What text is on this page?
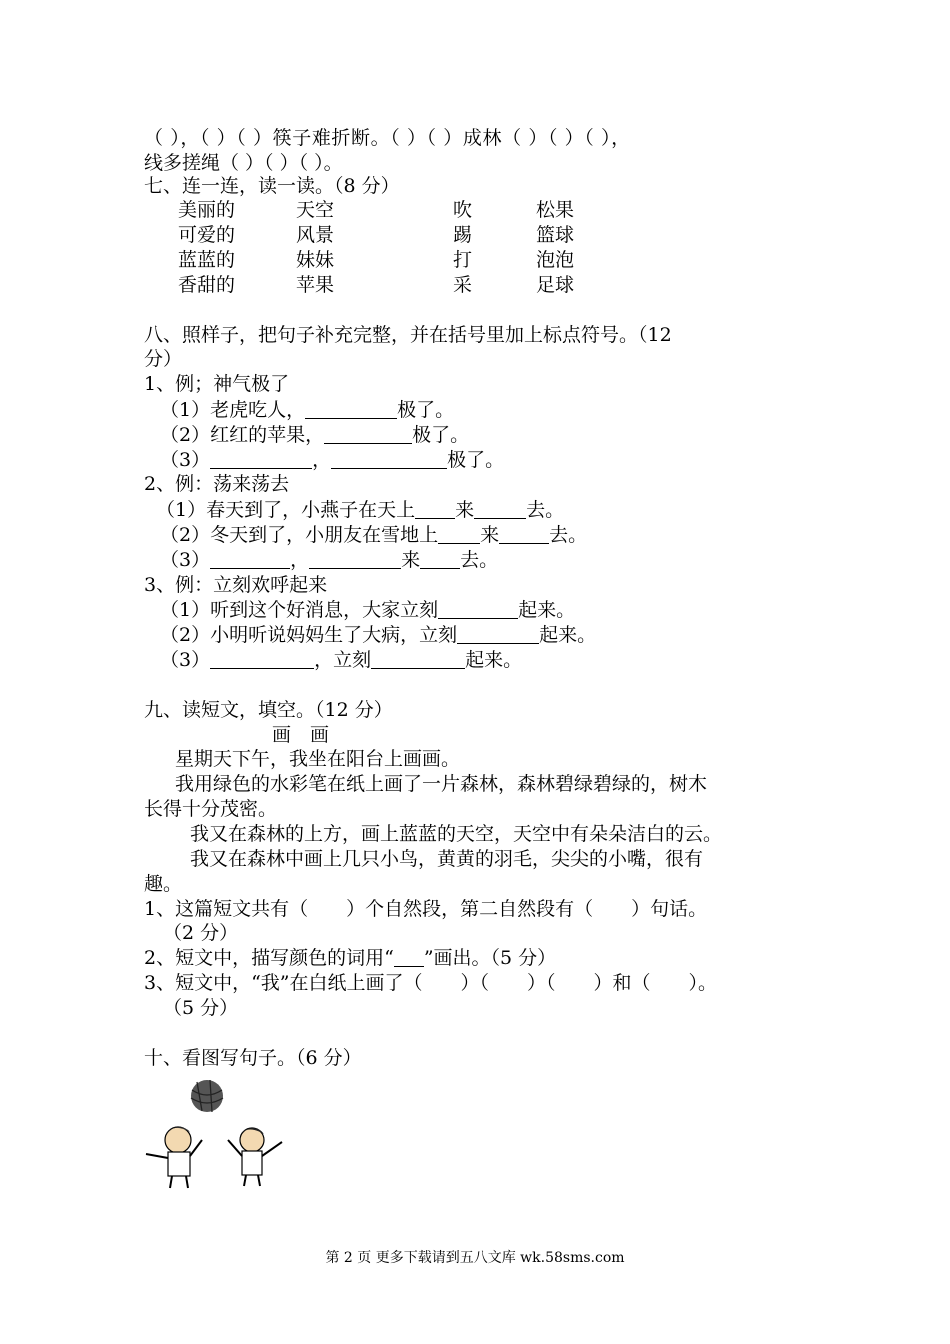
（ ），（ ）（ ）筷子难折断。（ ）（ ）成林（ ）（ ）（ ），
线多搓绳（ ）（ ）（ ）。
七、连一连，读一读。（8 分）
美丽的	天空	吹	松果
可爱的	风景	踢	篮球
蓝蓝的	妹妹	打	泡泡
香甜的	苹果	采	足球
八、照样子，把句子补充完整，并在括号里加上标点符号。（12
分）
1、例；神气极了
（1）老虎吃人，	极了。
（2）红红的苹果，	极了。
（3）	，	极了。
2、例：荡来荡去
（1）春天到了，小燕子在天上 来	去。
（2）冬天到了，小朋友在雪地上 来	去。
（3）	，	来 去。
3、例：立刻欢呼起来
（1）听到这个好消息，大家立刻	起来。
（2）小明听说妈妈生了大病，立刻	起来。
（3）	，立刻	起来。
九、读短文，填空。（12 分）
画　画
星期天下午，我坐在阳台上画画。
我用绿色的水彩笔在纸上画了一片森林，森林碧绿碧绿的，树木
长得十分茂密。
我又在森林的上方，画上蓝蓝的天空，天空中有朵朵洁白的云。
我又在森林中画上几只小鸟，黄黄的羽毛，尖尖的小嘴，很有
趣。
1、这篇短文共有（　　）个自然段，第二自然段有（　　）句话。
（2 分）
2、短文中，描写颜色的词用“ ”画出。（5 分）
3、短文中，“我”在白纸上画了（　　）（　　）（　　）和（　　）。
（5 分）
十、看图写句子。（6 分）
第 2 页 更多下载请到五八文库 wk.58sms.com
